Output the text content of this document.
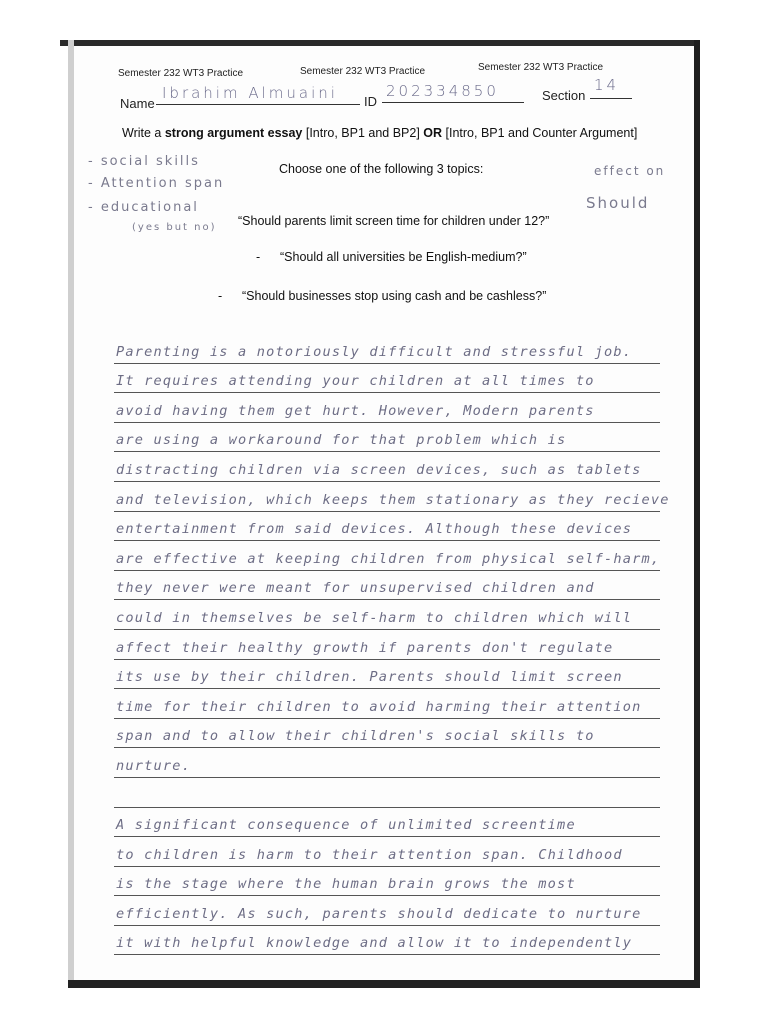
Semester 232 WT3 Practice	Semester 232 WT3 Practice	Semester 232 WT3 Practice
Name
Ibrahim Almuaini ID
202334850	Section
14
Write a strong argument essay [Intro, BP1 and BP2] OR [Intro, BP1 and Counter Argument]
Choose one of the following 3 topics:
- social skills
- Attention span
- educational
(yes but no)
effect on
Should
“Should parents limit screen time for children under 12?”
- “Should all universities be English-medium?”
- “Should businesses stop using cash and be cashless?”
Parenting is a notoriously difficult and stressful job.
It requires attending your children at all times to
avoid having them get hurt. However, Modern parents
are using a workaround for that problem which is
distracting children via screen devices, such as tablets
and television, which keeps them stationary as they recieve
entertainment from said devices. Although these devices
are effective at keeping children from physical self-harm,
they never were meant for unsupervised children and
could in themselves be self-harm to children which will
affect their healthy growth if parents don't regulate
its use by their children. Parents should limit screen
time for their children to avoid harming their attention
span and to allow their children's social skills to
nurture.
A significant consequence of unlimited screentime
to children is harm to their attention span. Childhood
is the stage where the human brain grows the most
efficiently. As such, parents should dedicate to nurture
it with helpful knowledge and allow it to independently
